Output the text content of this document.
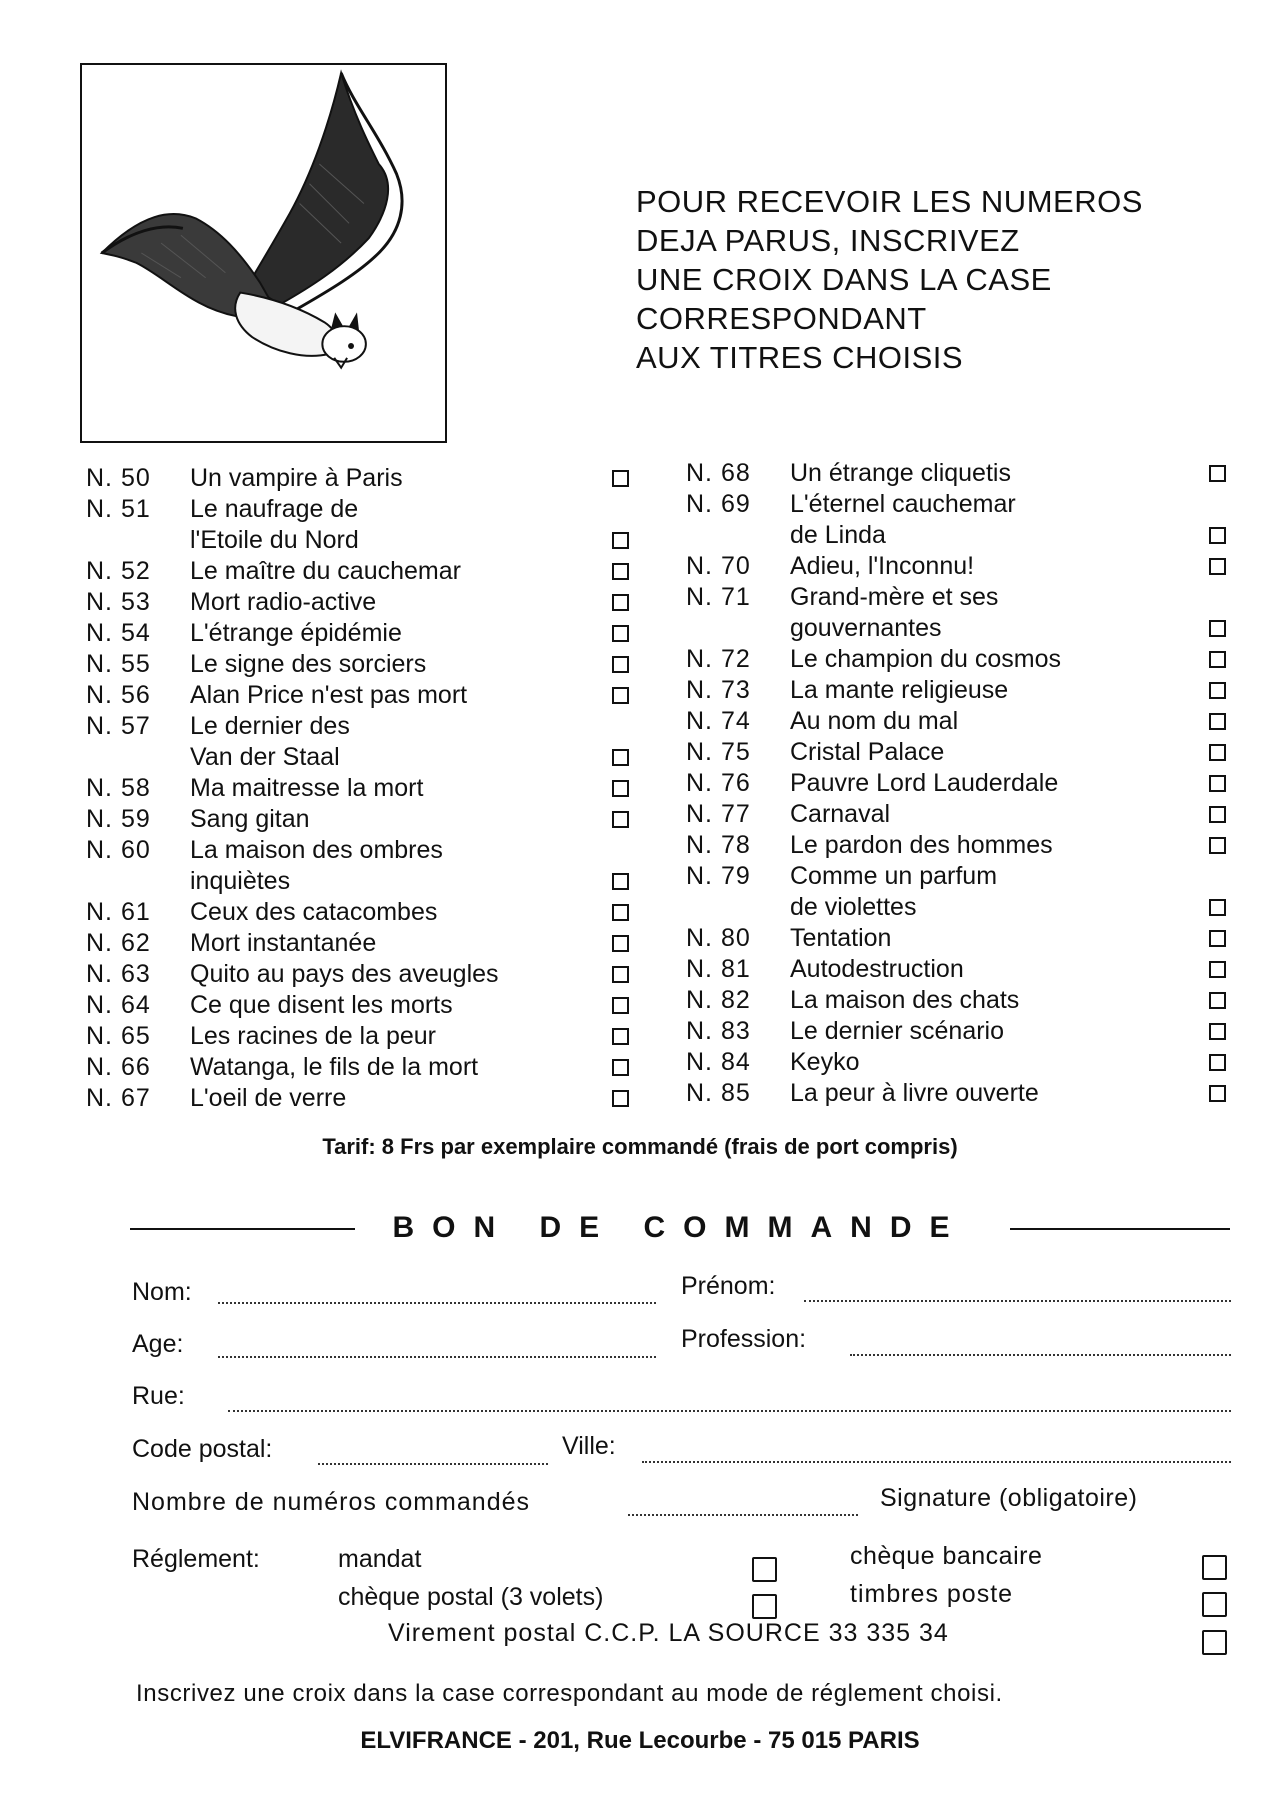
POUR RECEVOIR LES NUMEROS
DEJA PARUS, INSCRIVEZ
UNE CROIX DANS LA CASE
CORRESPONDANT
AUX TITRES CHOISIS
N. 50 Un vampire à Paris
N. 51 Le naufrage de
l'Etoile du Nord
N. 52 Le maître du cauchemar
N. 53 Mort radio-active
N. 54 L'étrange épidémie
N. 55 Le signe des sorciers
N. 56 Alan Price n'est pas mort
N. 57 Le dernier des
Van der Staal
N. 58 Ma maitresse la mort
N. 59 Sang gitan
N. 60 La maison des ombres
inquiètes
N. 61 Ceux des catacombes
N. 62 Mort instantanée
N. 63 Quito au pays des aveugles
N. 64 Ce que disent les morts
N. 65 Les racines de la peur
N. 66 Watanga, le fils de la mort
N. 67 L'oeil de verre
N. 68 Un étrange cliquetis
N. 69 L'éternel cauchemar
de Linda
N. 70 Adieu, l'Inconnu!
N. 71 Grand-mère et ses
gouvernantes
N. 72 Le champion du cosmos
N. 73 La mante religieuse
N. 74 Au nom du mal
N. 75 Cristal Palace
N. 76 Pauvre Lord Lauderdale
N. 77 Carnaval
N. 78 Le pardon des hommes
N. 79 Comme un parfum
de violettes
N. 80 Tentation
N. 81 Autodestruction
N. 82 La maison des chats
N. 83 Le dernier scénario
N. 84 Keyko
N. 85 La peur à livre ouverte
Tarif: 8 Frs par exemplaire commandé (frais de port compris)
BON DE COMMANDE
Nom:	Prénom:
Age:	Profession:
Rue:
Code postal:	Ville:
Nombre de numéros commandés	Signature (obligatoire)
Réglement:	mandat	chèque bancaire
chèque postal (3 volets)	timbres poste
Virement postal C.C.P. LA SOURCE 33 335 34
Inscrivez une croix dans la case correspondant au mode de réglement choisi.
ELVIFRANCE - 201, Rue Lecourbe - 75 015 PARIS
